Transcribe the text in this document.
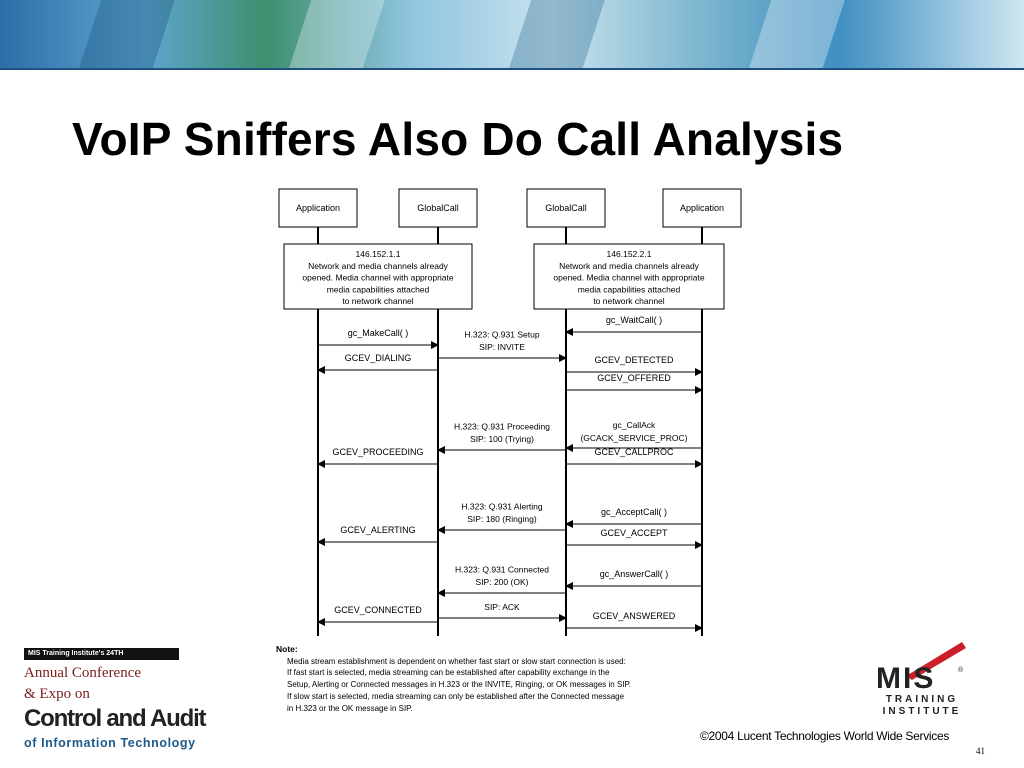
VoIP Sniffers Also Do Call Analysis
Application	GlobalCall	GlobalCall	Application
146.152.1.1
Network and media channels already
opened. Media channel with appropriate
media capabilities attached
to network channel
146.152.2.1
Network and media channels already
opened. Media channel with appropriate
media capabilities attached
to network channel
gc_MakeCall( )
GCEV_DIALING
GCEV_PROCEEDING
GCEV_ALERTING
GCEV_CONNECTED
gc_WaitCall( )
GCEV_DETECTED
GCEV_OFFERED
gc_CallAck
(GCACK_SERVICE_PROC)
GCEV_CALLPROC
gc_AcceptCall( )
GCEV_ACCEPT
gc_AnswerCall( )
GCEV_ANSWERED
H.323: Q.931 Setup
SIP: INVITE
H.323: Q.931 Proceeding
SIP: 100 (Trying)
H.323: Q.931 Alerting
SIP: 180 (Ringing)
H.323: Q.931 Connected
SIP: 200 (OK)
SIP: ACK
Note:
Media stream establishment is dependent on whether fast start or slow start connection is used:
If fast start is selected, media streaming can be established after capability exchange in the
Setup, Alerting or Connected messages in H.323 or the INVITE, Ringing, or OK messages in SIP.
If slow start is selected, media streaming can only be established after the Connected message
in H.323 or the OK message in SIP.
MIS Training Institute's 24TH
Annual Conference
& Expo on
Control and Audit
of Information Technology
MIS	®
TRAINING
INSTITUTE
©2004 Lucent Technologies World Wide Services
41
